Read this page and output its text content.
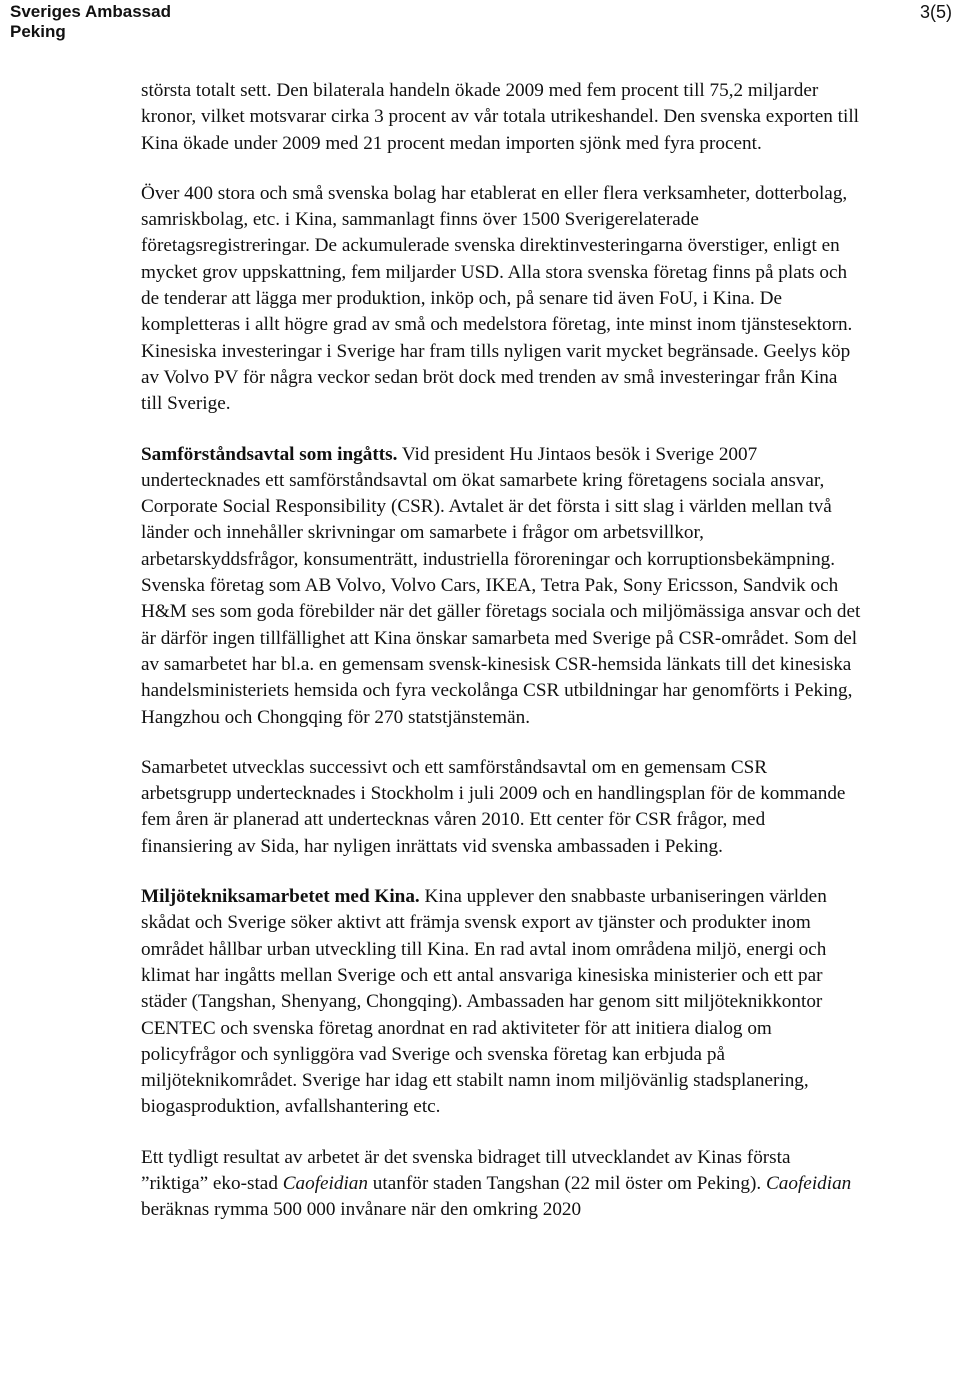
Sveriges Ambassad
Peking
3(5)

största totalt sett. Den bilaterala handeln ökade 2009 med fem procent till 75,2 miljarder kronor, vilket motsvarar cirka 3 procent av vår totala utrikeshandel. Den svenska exporten till Kina ökade under 2009 med 21 procent medan importen sjönk med fyra procent.

Över 400 stora och små svenska bolag har etablerat en eller flera verksamheter, dotterbolag, samriskbolag, etc. i Kina, sammanlagt finns över 1500 Sverigerelaterade företagsregistreringar. De ackumulerade svenska direktinvesteringarna överstiger, enligt en mycket grov uppskattning, fem miljarder USD. Alla stora svenska företag finns på plats och de tenderar att lägga mer produktion, inköp och, på senare tid även FoU, i Kina. De kompletteras i allt högre grad av små och medelstora företag, inte minst inom tjänstesektorn. Kinesiska investeringar i Sverige har fram tills nyligen varit mycket begränsade. Geelys köp av Volvo PV för några veckor sedan bröt dock med trenden av små investeringar från Kina till Sverige.

Samförståndsavtal som ingåtts. Vid president Hu Jintaos besök i Sverige 2007 undertecknades ett samförståndsavtal om ökat samarbete kring företagens sociala ansvar, Corporate Social Responsibility (CSR). Avtalet är det första i sitt slag i världen mellan två länder och innehåller skrivningar om samarbete i frågor om arbetsvillkor, arbetarskyddsfrågor, konsumenträtt, industriella föroreningar och korruptionsbekämpning. Svenska företag som AB Volvo, Volvo Cars, IKEA, Tetra Pak, Sony Ericsson, Sandvik och H&M ses som goda förebilder när det gäller företags sociala och miljömässiga ansvar och det är därför ingen tillfällighet att Kina önskar samarbeta med Sverige på CSR-området. Som del av samarbetet har bl.a. en gemensam svensk-kinesisk CSR-hemsida länkats till det kinesiska handelsministeriets hemsida och fyra veckolånga CSR utbildningar har genomförts i Peking, Hangzhou och Chongqing för 270 statstjänstemän.

Samarbetet utvecklas successivt och ett samförståndsavtal om en gemensam CSR arbetsgrupp undertecknades i Stockholm i juli 2009 och en handlingsplan för de kommande fem åren är planerad att undertecknas våren 2010. Ett center för CSR frågor, med finansiering av Sida, har nyligen inrättats vid svenska ambassaden i Peking.

Miljötekniksamarbetet med Kina. Kina upplever den snabbaste urbaniseringen världen skådat och Sverige söker aktivt att främja svensk export av tjänster och produkter inom området hållbar urban utveckling till Kina. En rad avtal inom områdena miljö, energi och klimat har ingåtts mellan Sverige och ett antal ansvariga kinesiska ministerier och ett par städer (Tangshan, Shenyang, Chongqing). Ambassaden har genom sitt miljöteknikkontor CENTEC och svenska företag anordnat en rad aktiviteter för att initiera dialog om policyfrågor och synliggöra vad Sverige och svenska företag kan erbjuda på miljöteknikområdet. Sverige har idag ett stabilt namn inom miljövänlig stadsplanering, biogasproduktion, avfallshantering etc.

Ett tydligt resultat av arbetet är det svenska bidraget till utvecklandet av Kinas första ”riktiga” eko-stad Caofeidian utanför staden Tangshan (22 mil öster om Peking). Caofeidian beräknas rymma 500 000 invånare när den omkring 2020
